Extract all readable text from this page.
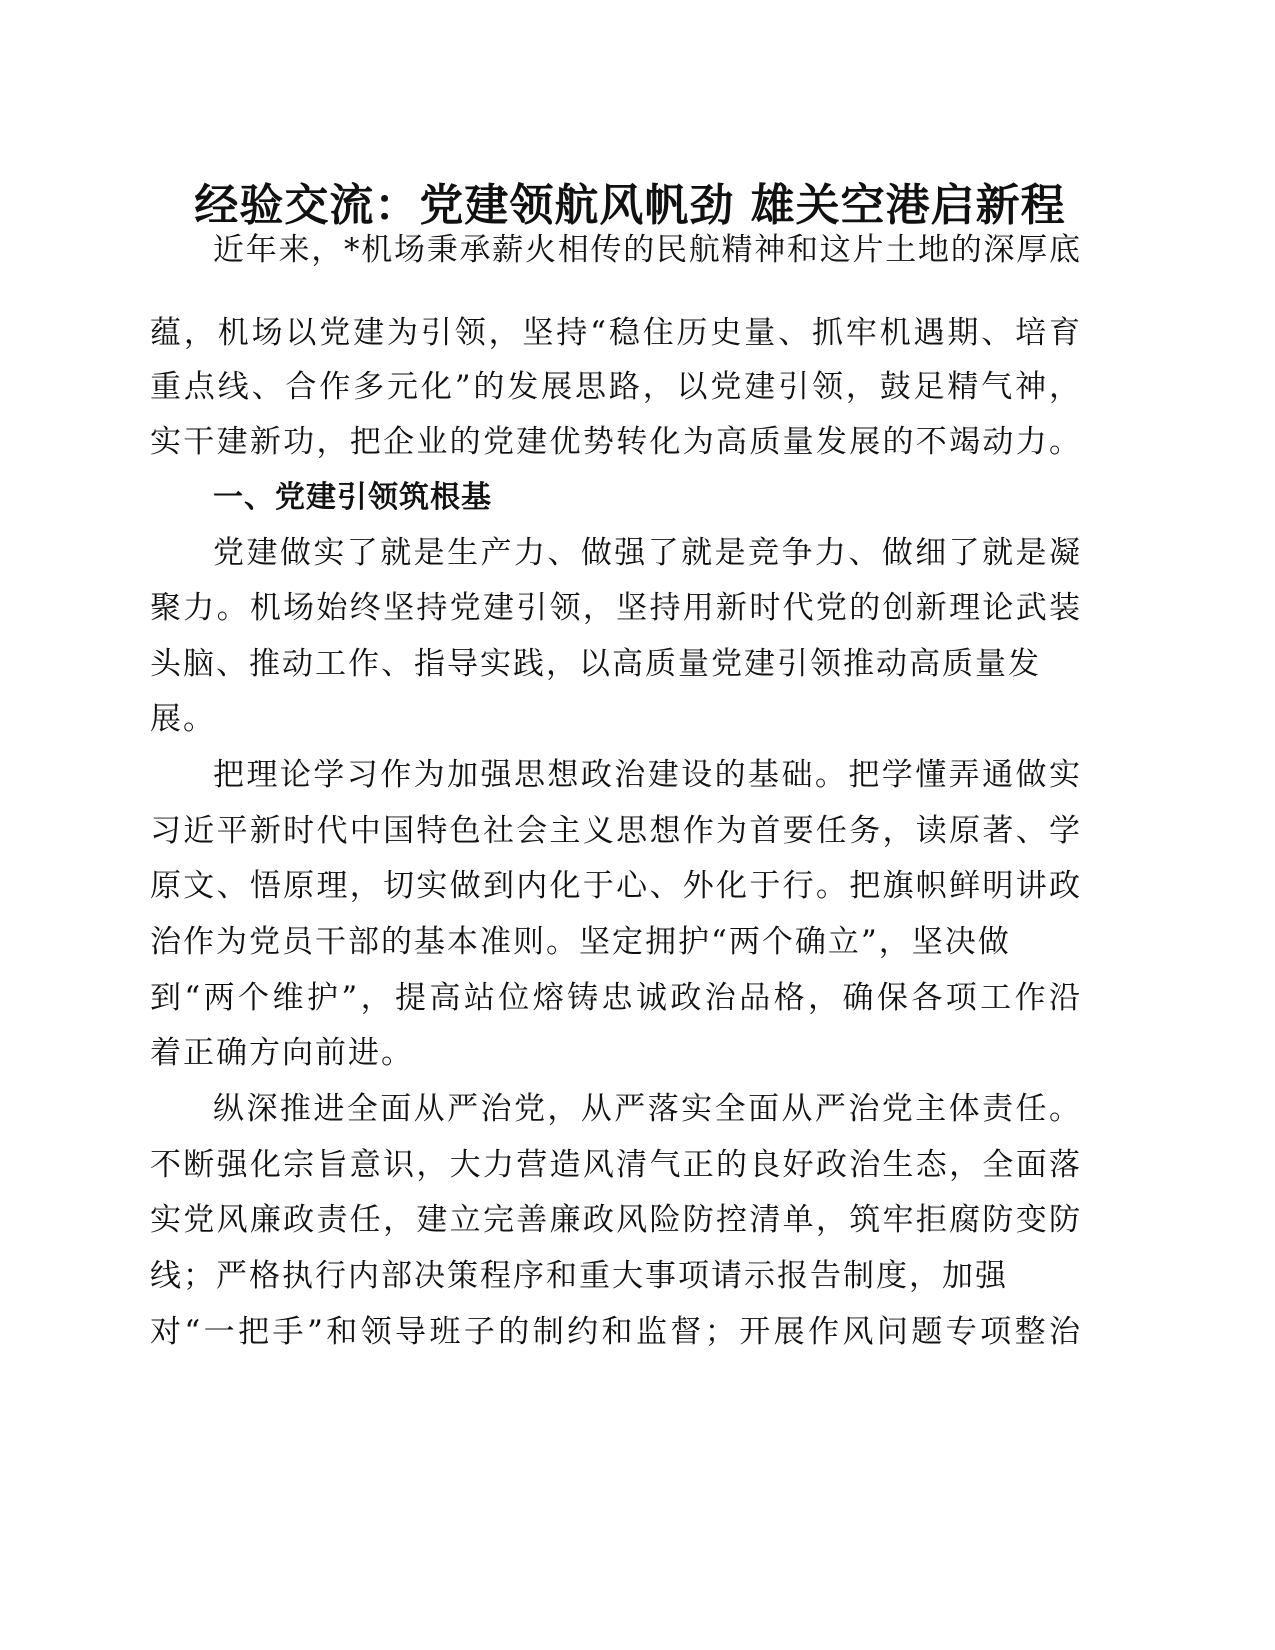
经验交流：党建领航风帆劲 雄关空港启新程
近年来，*机场秉承薪火相传的民航精神和这片土地的深厚底
蕴，机场以党建为引领，坚持“稳住历史量、抓牢机遇期、培育
重点线、合作多元化”的发展思路，以党建引领，鼓足精气神，
实干建新功，把企业的党建优势转化为高质量发展的不竭动力。
一、党建引领筑根基
党建做实了就是生产力、做强了就是竞争力、做细了就是凝
聚力。机场始终坚持党建引领，坚持用新时代党的创新理论武装
头脑、推动工作、指导实践，以高质量党建引领推动高质量发
展。
把理论学习作为加强思想政治建设的基础。把学懂弄通做实
习近平新时代中国特色社会主义思想作为首要任务，读原著、学
原文、悟原理，切实做到内化于心、外化于行。把旗帜鲜明讲政
治作为党员干部的基本准则。坚定拥护“两个确立”，坚决做
到“两个维护”，提高站位熔铸忠诚政治品格，确保各项工作沿
着正确方向前进。
纵深推进全面从严治党，从严落实全面从严治党主体责任。
不断强化宗旨意识，大力营造风清气正的良好政治生态，全面落
实党风廉政责任，建立完善廉政风险防控清单，筑牢拒腐防变防
线；严格执行内部决策程序和重大事项请示报告制度，加强
对“一把手”和领导班子的制约和监督；开展作风问题专项整治
